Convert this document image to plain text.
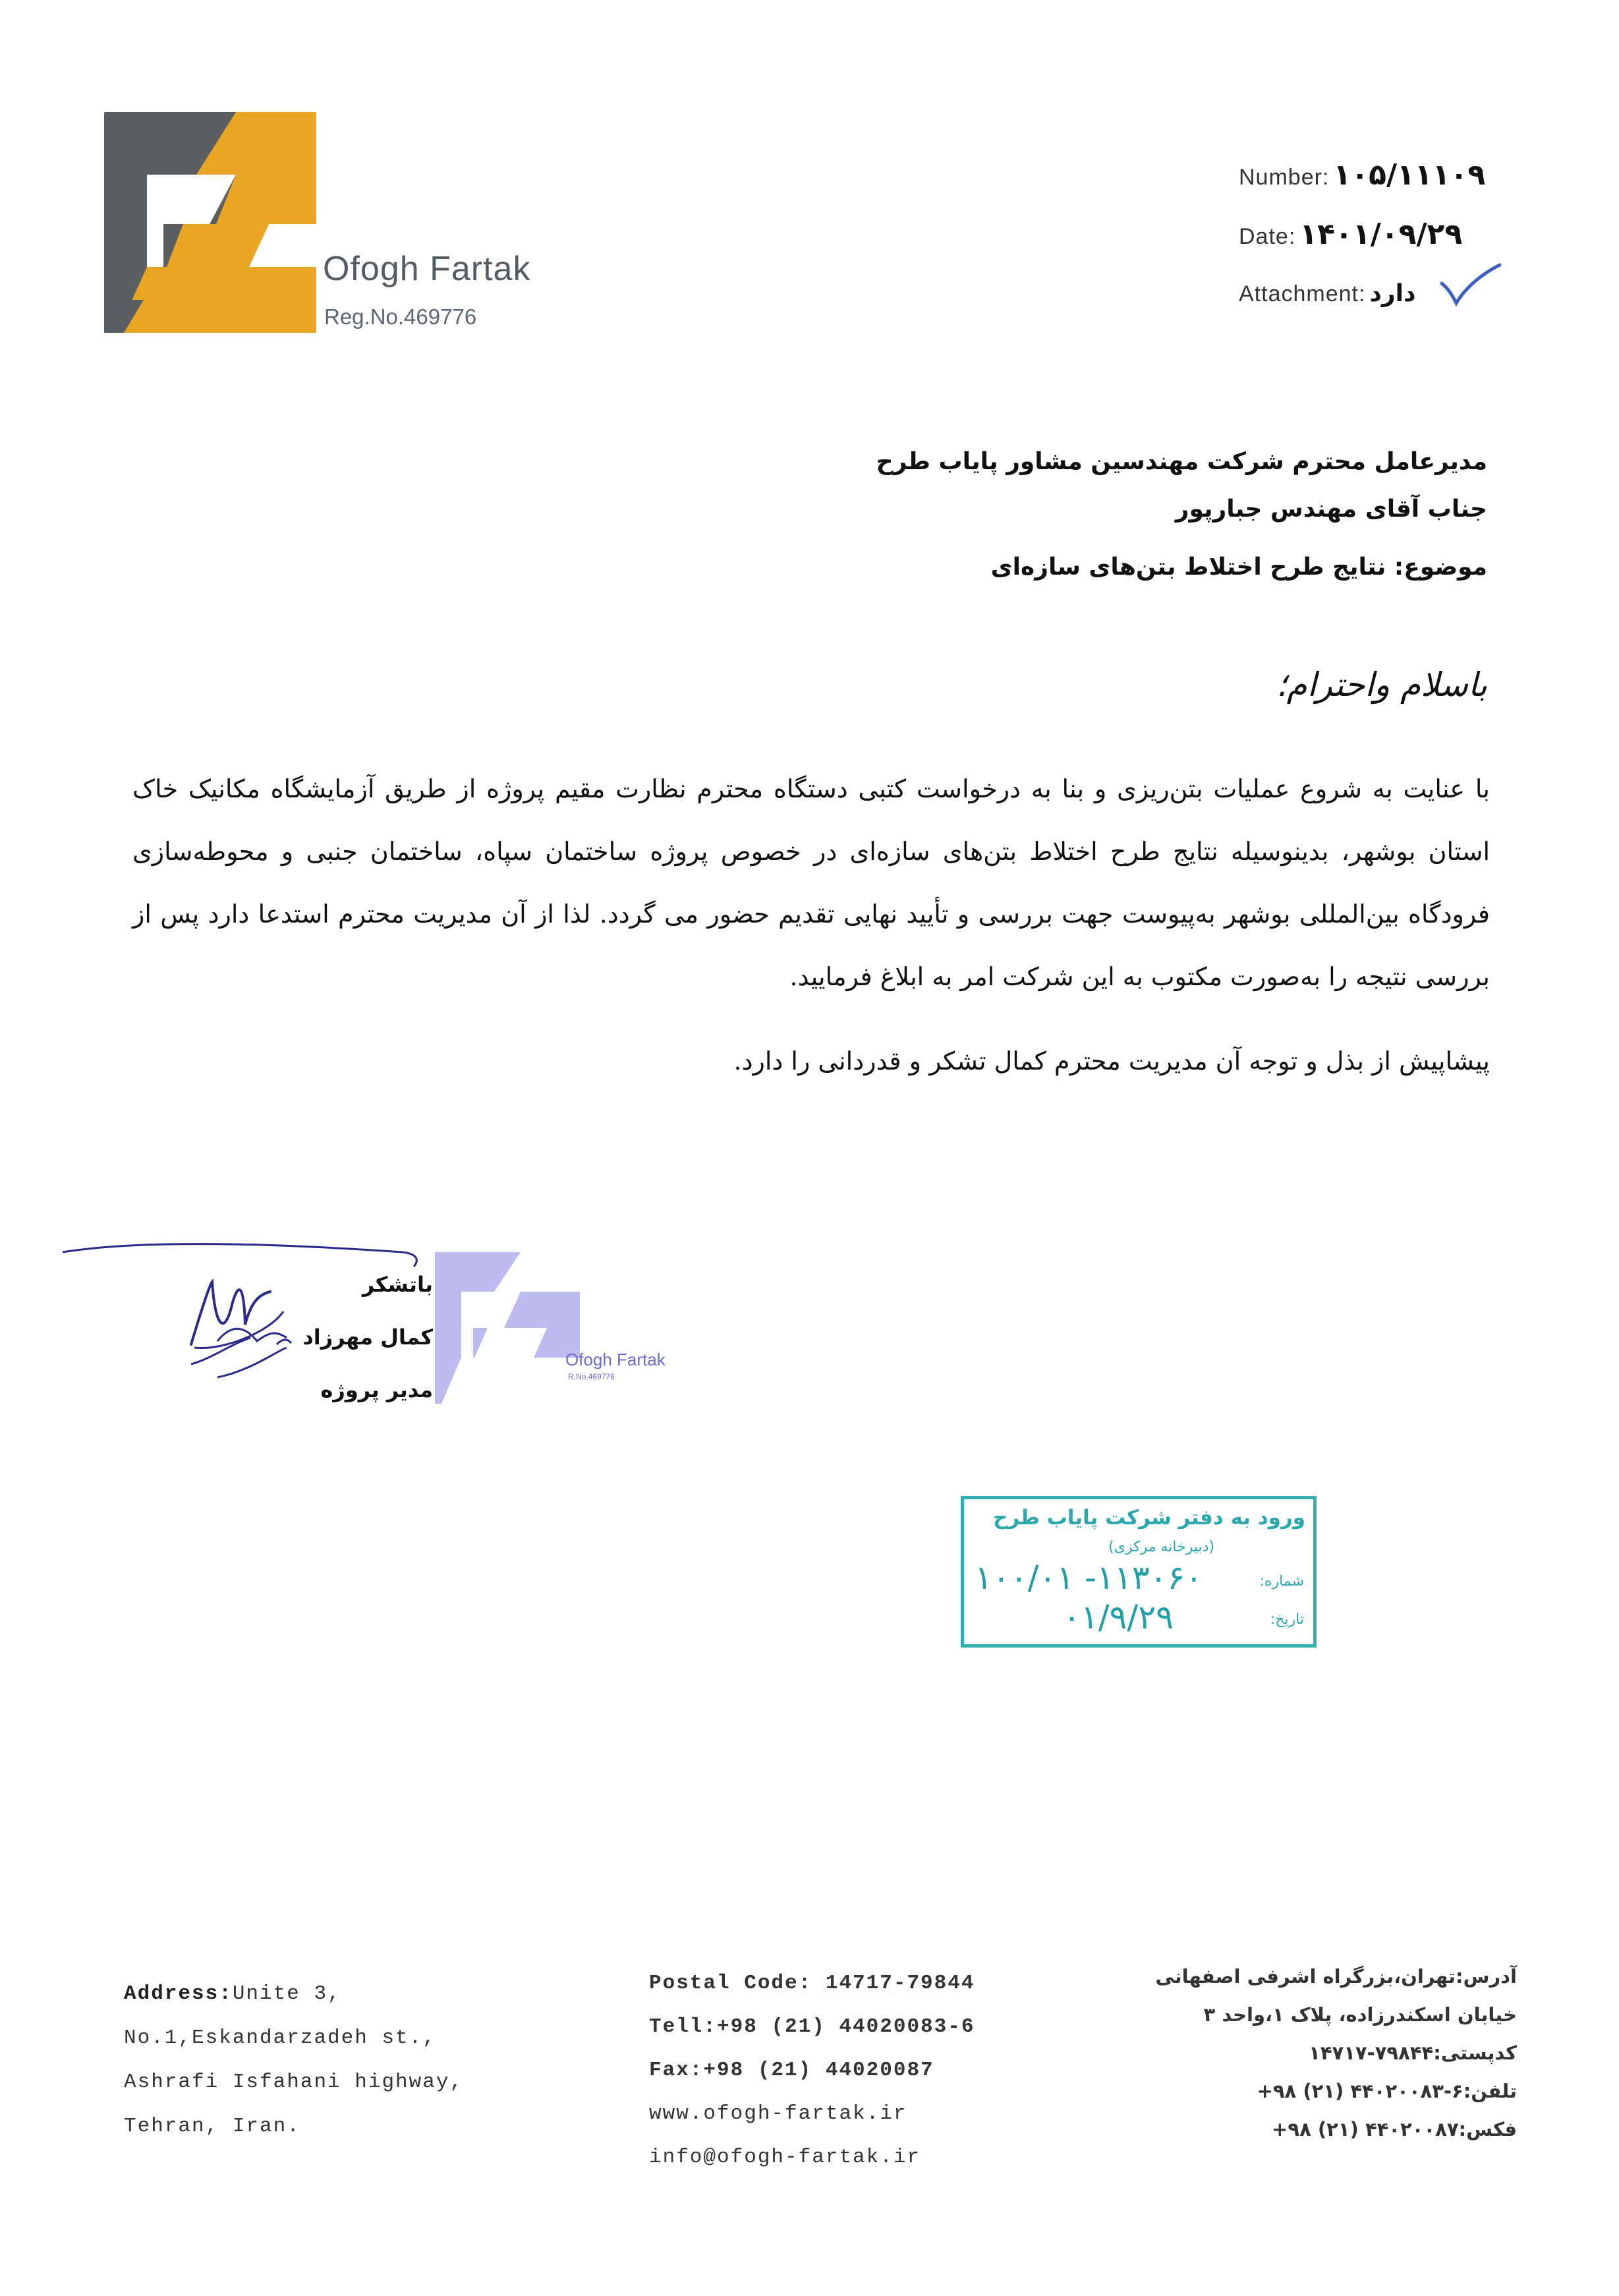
Ofogh Fartak
Reg.No.469776
Number: ۱۰۵/۱۱۱۰۹
Date: ۱۴۰۱/۰۹/۲۹
Attachment: دارد
مدیرعامل محترم شرکت مهندسین مشاور پایاب طرح
جناب آقای مهندس جبارپور
موضوع: نتایج طرح اختلاط بتن‌های سازه‌ای
باسلام واحترام؛
با عنایت به شروع عملیات بتن‌ریزی و بنا به درخواست کتبی دستگاه محترم نظارت مقیم پروژه از طریق آزمایشگاه مکانیک خاک استان بوشهر، بدینوسیله نتایج طرح اختلاط بتن‌های سازه‌ای در خصوص پروژه ساختمان سپاه، ساختمان جنبی و محوطه‌سازی فرودگاه بین‌المللی بوشهر به‌پیوست جهت بررسی و تأیید نهایی تقدیم حضور می گردد. لذا از آن مدیریت محترم استدعا دارد پس از بررسی نتیجه را به‌صورت مکتوب به این شرکت امر به ابلاغ فرمایید.
پیشاپیش از بذل و توجه آن مدیریت محترم کمال تشکر و قدردانی را دارد.
باتشکر
کمال مهرزاد
مدیر پروژه
Ofogh Fartak
R.No.469776
ورود به دفتر شرکت پایاب طرح
(دبیرخانه مرکزی)
شماره:
۱۰۰/۰۱ -۱۱۳۰۶۰
تاریخ:
۰۱/۹/۲۹
Address:Unite 3,
No.1,Eskandarzadeh st.,
Ashrafi Isfahani highway,
Tehran, Iran.
Postal Code: 14717-79844
Tell:+98 (21) 44020083-6
Fax:+98 (21) 44020087
www.ofogh-fartak.ir
info@ofogh-fartak.ir
آدرس:تهران،بزرگراه اشرفی اصفهانی
خیابان اسکندرزاده، پلاک ۱،واحد ۳
کدپستی:۷۹۸۴۴-۱۴۷۱۷
تلفن:۶-۴۴۰۲۰۰۸۳ (۲۱) ۹۸+
فکس:۴۴۰۲۰۰۸۷ (۲۱) ۹۸+
